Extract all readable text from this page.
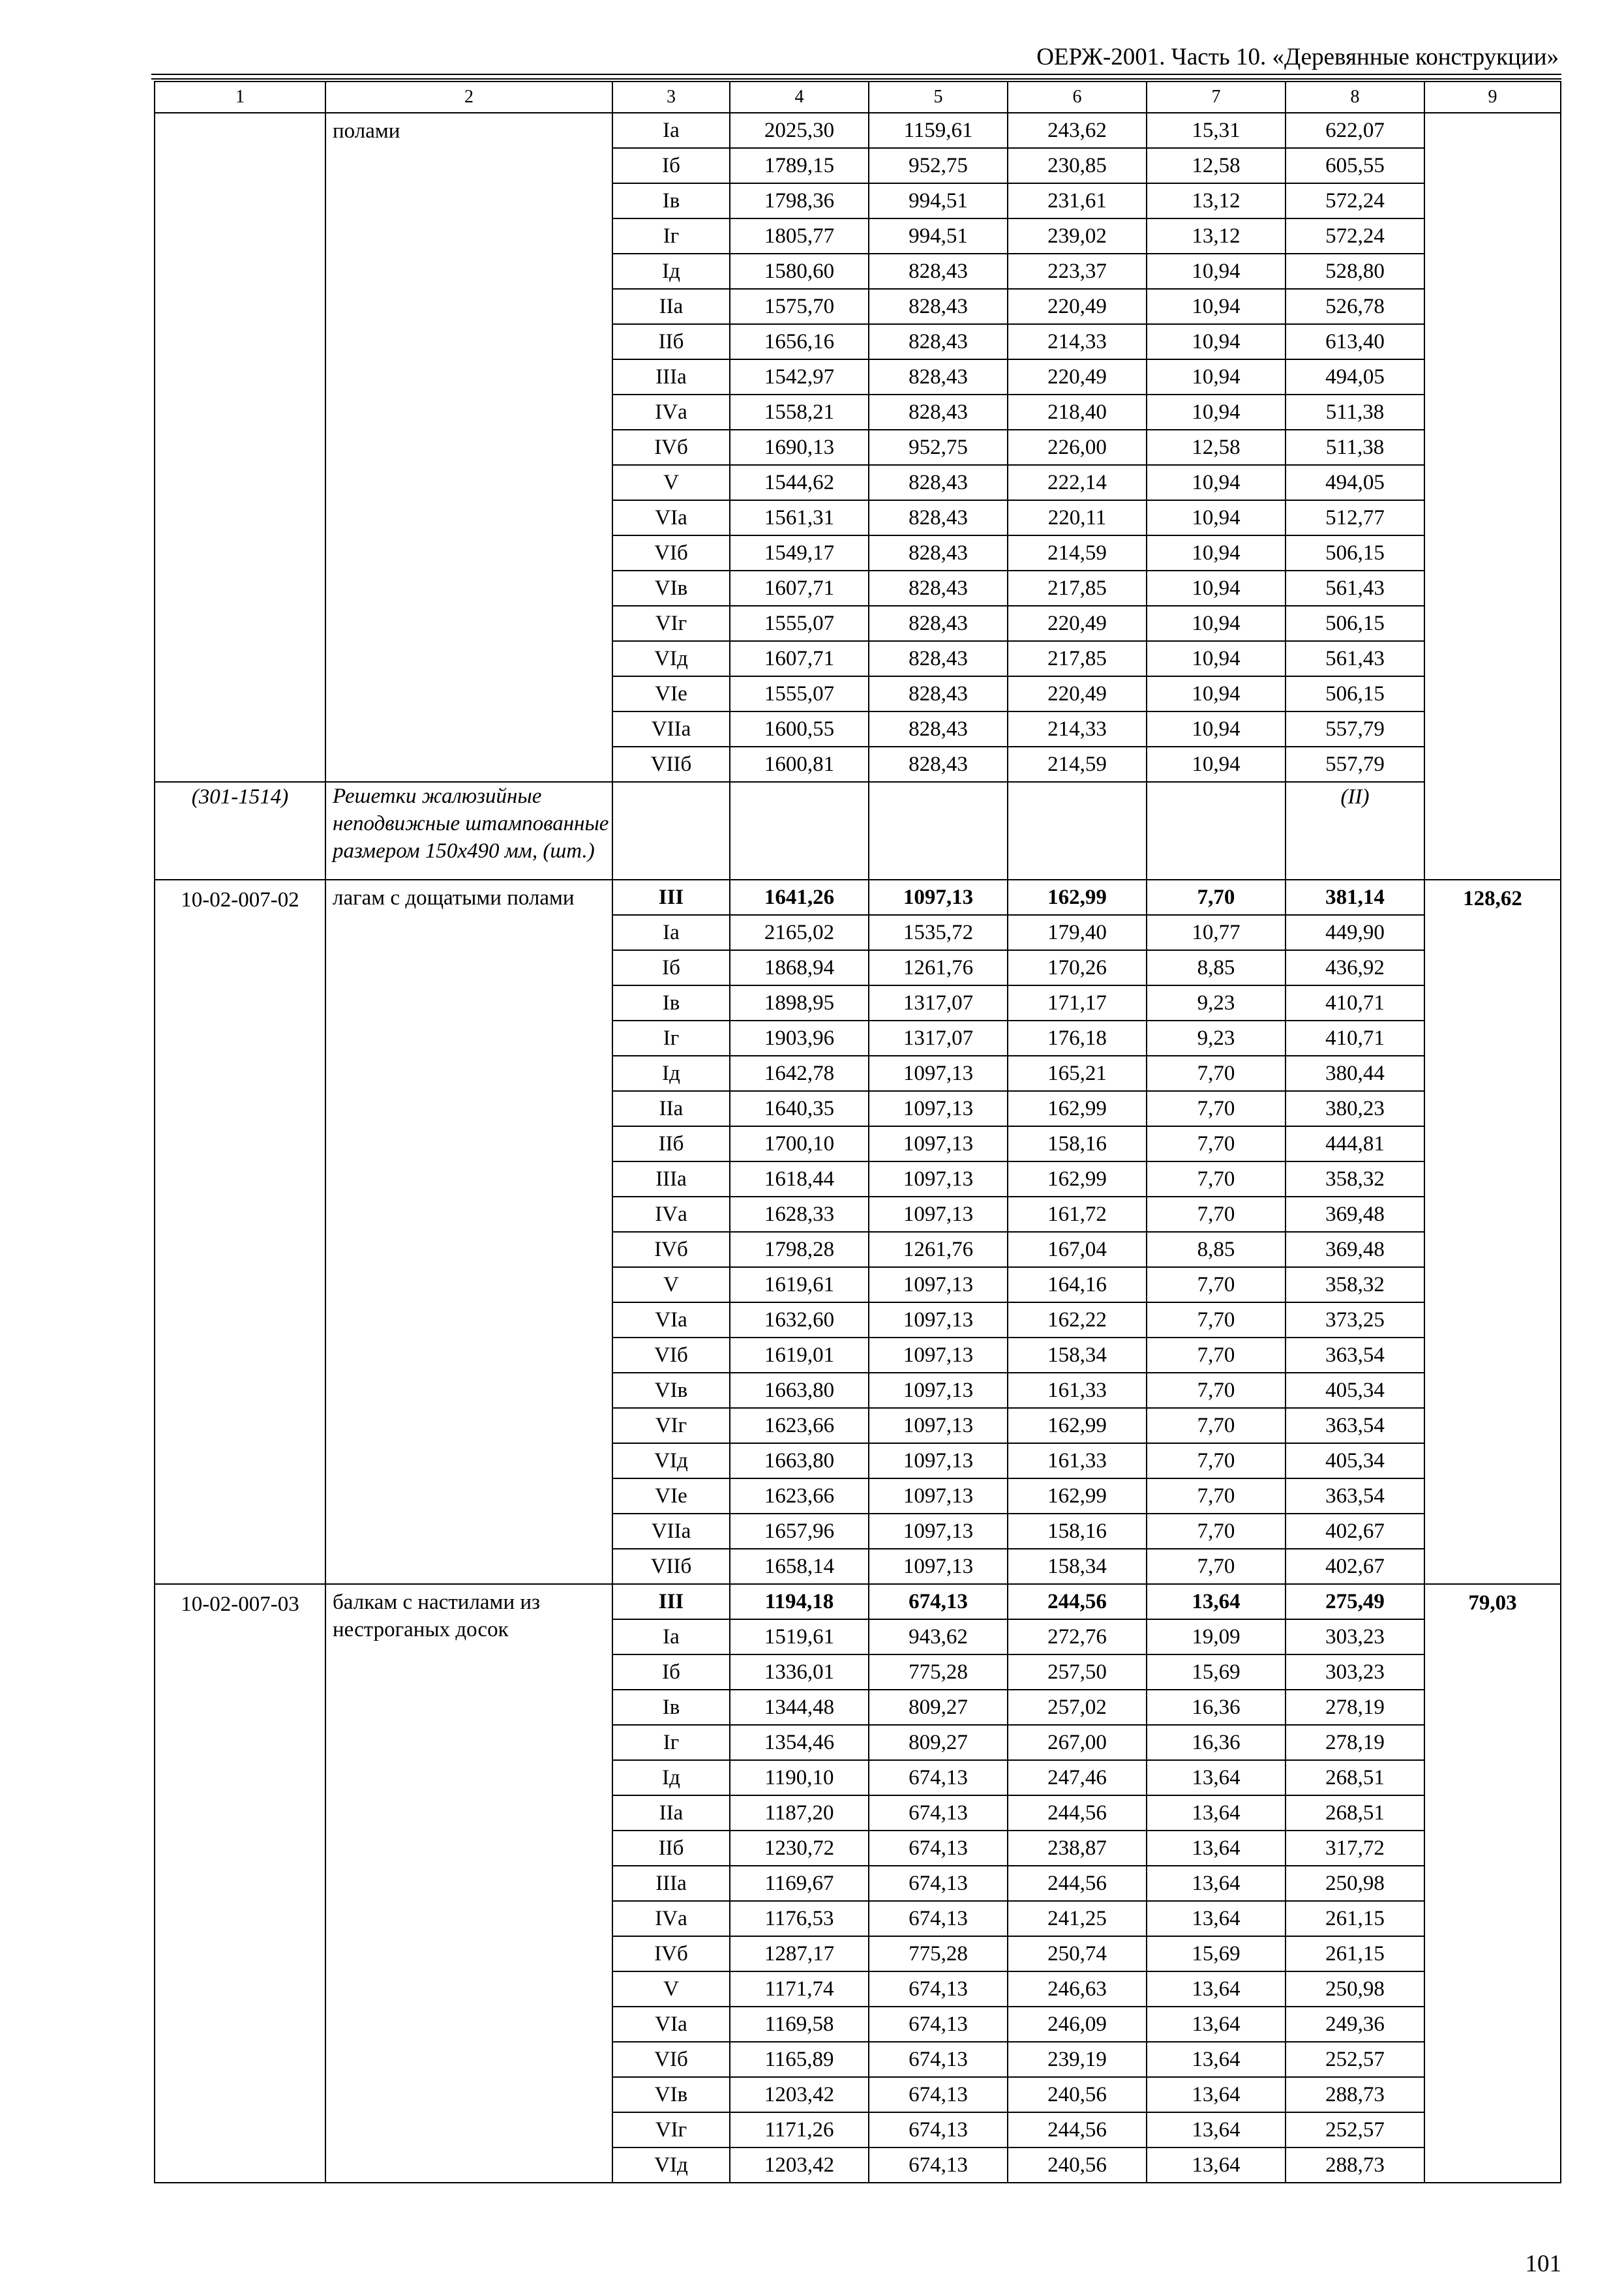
ОЕРЖ-2001. Часть 10. «Деревянные конструкции»
1	2	3	4	5	6	7	8	9
	полами	Iа	2025,30	1159,61	243,62	15,31	622,07	
		Iб	1789,15	952,75	230,85	12,58	605,55	
		Iв	1798,36	994,51	231,61	13,12	572,24	
		Iг	1805,77	994,51	239,02	13,12	572,24	
		Iд	1580,60	828,43	223,37	10,94	528,80	
		IIа	1575,70	828,43	220,49	10,94	526,78	
		IIб	1656,16	828,43	214,33	10,94	613,40	
		IIIа	1542,97	828,43	220,49	10,94	494,05	
		IVа	1558,21	828,43	218,40	10,94	511,38	
		IVб	1690,13	952,75	226,00	12,58	511,38	
		V	1544,62	828,43	222,14	10,94	494,05	
		VIа	1561,31	828,43	220,11	10,94	512,77	
		VIб	1549,17	828,43	214,59	10,94	506,15	
		VIв	1607,71	828,43	217,85	10,94	561,43	
		VIг	1555,07	828,43	220,49	10,94	506,15	
		VIд	1607,71	828,43	217,85	10,94	561,43	
		VIе	1555,07	828,43	220,49	10,94	506,15	
		VIIа	1600,55	828,43	214,33	10,94	557,79	
		VIIб	1600,81	828,43	214,59	10,94	557,79	
(301-1514)	Решетки жалюзийные неподвижные штампованные размером 150х490 мм, (шт.)						(II)	
10-02-007-02	лагам с дощатыми полами	III	1641,26	1097,13	162,99	7,70	381,14	128,62
		Iа	2165,02	1535,72	179,40	10,77	449,90	
		Iб	1868,94	1261,76	170,26	8,85	436,92	
		Iв	1898,95	1317,07	171,17	9,23	410,71	
		Iг	1903,96	1317,07	176,18	9,23	410,71	
		Iд	1642,78	1097,13	165,21	7,70	380,44	
		IIа	1640,35	1097,13	162,99	7,70	380,23	
		IIб	1700,10	1097,13	158,16	7,70	444,81	
		IIIа	1618,44	1097,13	162,99	7,70	358,32	
		IVа	1628,33	1097,13	161,72	7,70	369,48	
		IVб	1798,28	1261,76	167,04	8,85	369,48	
		V	1619,61	1097,13	164,16	7,70	358,32	
		VIа	1632,60	1097,13	162,22	7,70	373,25	
		VIб	1619,01	1097,13	158,34	7,70	363,54	
		VIв	1663,80	1097,13	161,33	7,70	405,34	
		VIг	1623,66	1097,13	162,99	7,70	363,54	
		VIд	1663,80	1097,13	161,33	7,70	405,34	
		VIе	1623,66	1097,13	162,99	7,70	363,54	
		VIIа	1657,96	1097,13	158,16	7,70	402,67	
		VIIб	1658,14	1097,13	158,34	7,70	402,67	
10-02-007-03	балкам с настилами из нестроганых досок	III	1194,18	674,13	244,56	13,64	275,49	79,03
		Iа	1519,61	943,62	272,76	19,09	303,23	
		Iб	1336,01	775,28	257,50	15,69	303,23	
		Iв	1344,48	809,27	257,02	16,36	278,19	
		Iг	1354,46	809,27	267,00	16,36	278,19	
		Iд	1190,10	674,13	247,46	13,64	268,51	
		IIа	1187,20	674,13	244,56	13,64	268,51	
		IIб	1230,72	674,13	238,87	13,64	317,72	
		IIIа	1169,67	674,13	244,56	13,64	250,98	
		IVа	1176,53	674,13	241,25	13,64	261,15	
		IVб	1287,17	775,28	250,74	15,69	261,15	
		V	1171,74	674,13	246,63	13,64	250,98	
		VIа	1169,58	674,13	246,09	13,64	249,36	
		VIб	1165,89	674,13	239,19	13,64	252,57	
		VIв	1203,42	674,13	240,56	13,64	288,73	
		VIг	1171,26	674,13	244,56	13,64	252,57	
		VIд	1203,42	674,13	240,56	13,64	288,73	
101
